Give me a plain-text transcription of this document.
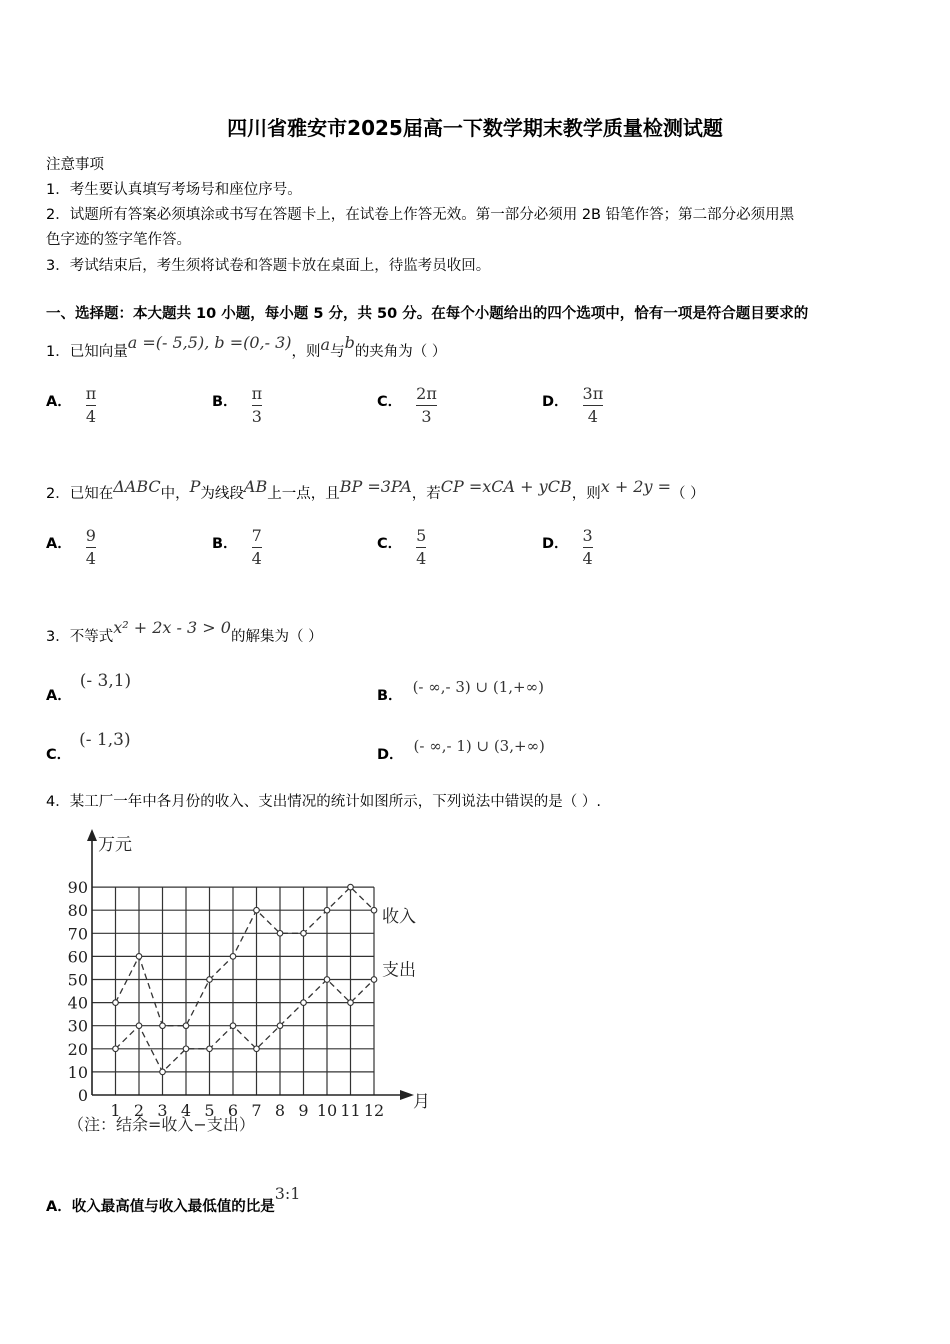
四川省雅安市2025届高一下数学期末教学质量检测试题
注意事项
1．考生要认真填写考场号和座位序号。
2．试题所有答案必须填涂或书写在答题卡上，在试卷上作答无效。第一部分必须用 2B 铅笔作答；第二部分必须用黑
色字迹的签字笔作答。
3．考试结束后，考生须将试卷和答题卡放在桌面上，待监考员收回。
一、选择题：本大题共 10 小题，每小题 5 分，共 50 分。在每个小题给出的四个选项中，恰有一项是符合题目要求的
1．已知向量a =(- 5,5), b =(0,- 3)，则a与b的夹角为（ ）
A． $\frac{\pi}{4}$	B． $\frac{\pi}{3}$	C． $\frac{2\pi}{3}$	D． $\frac{3\pi}{4}$
2．已知在ΔABC中，P为线段AB上一点，且BP =3PA，若CP =xCA + yCB，则x + 2y =（ ）
A． $\frac{9}{4}$	B． $\frac{7}{4}$	C． $\frac{5}{4}$	D． $\frac{3}{4}$
3．不等式x² + 2x - 3 > 0的解集为（ ）
A．(- 3,1)
B． (- ∞,- 3) ∪ (1,+∞)
C．(- 1,3)
D． (- ∞,- 1) ∪ (3,+∞)
4．某工厂一年中各月份的收入、支出情况的统计如图所示，下列说法中错误的是（ ）.
万元
月
（注：结余=收入−支出）
0
10
20
30
40
50
60
70
80
90
1 2 3 4 5 6 7 8 9 10 11 12
收入
支出
A．收入最高值与收入最低值的比是3:1
